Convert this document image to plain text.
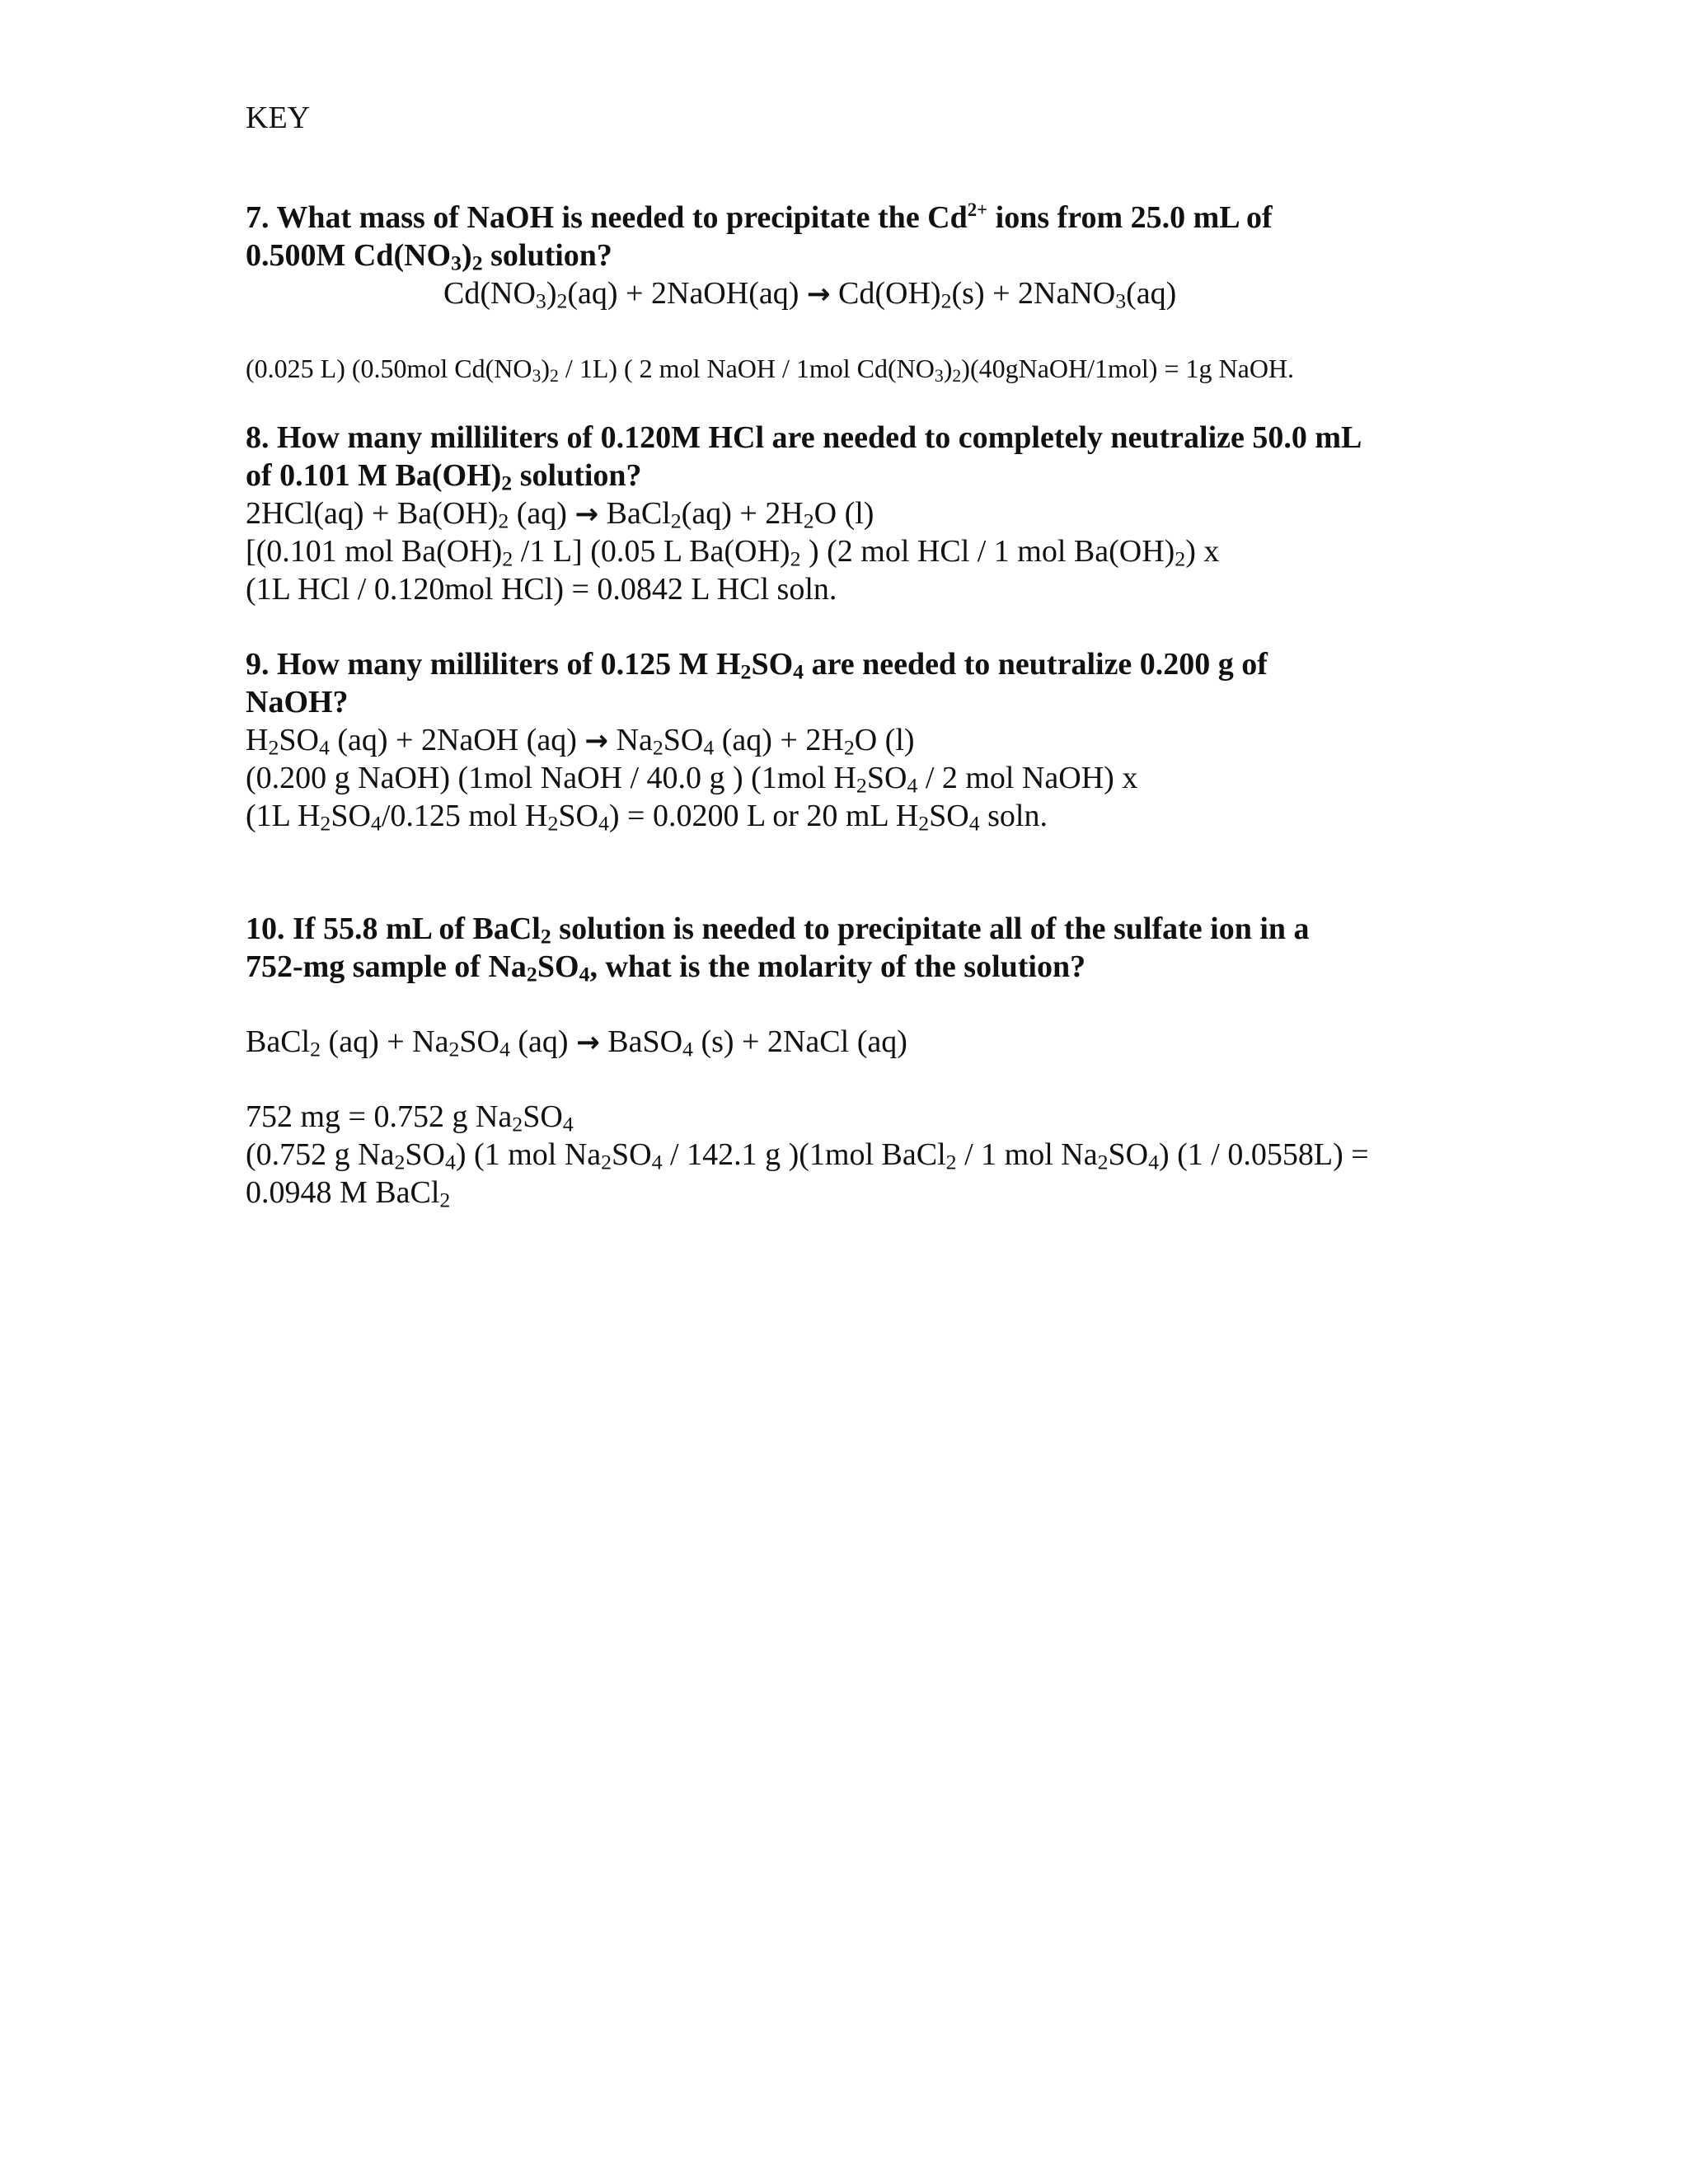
KEY
7. What mass of NaOH is needed to precipitate the $Cd^{2+}$ ions from 25.0 mL of
0.500M $Cd(NO_3)_2$ solution?
$Cd(NO_3)_2(aq)$ + 2NaOH(aq) → $Cd(OH)_2(s)$ + 2NaNO$_3$(aq)
(0.025 L) (0.50mol $Cd(NO_3)_2 / 1L$) ( 2 mol NaOH / 1mol $Cd(NO_3)_2)(40gNaOH/1mol) = 1g$ NaOH.
8. How many milliliters of 0.120M HCl are needed to completely neutralize 50.0 mL
of 0.101 M $Ba(OH)_2$ solution?
$2HCl(aq) + Ba(OH)_2$ (aq) → BaCl$_2$(aq) + $2H_2O$ (l)
[(0.101 mol $Ba(OH)_2$ /1 L] (0.05 L $Ba(OH)_2$ ) (2 mol HCl / 1 mol $Ba(OH)_2$) x
(1L HCl / 0.120mol HCl) = 0.0842 L HCl soln.
9. How many milliliters of 0.125 M $H_2SO_4$ are needed to neutralize 0.200 g of
NaOH?
$H_2SO_4$ (aq) + 2NaOH $(aq) \to Na_2SO_4$ $(aq) + 2H_2O$ (l)
(0.200 g NaOH) (1mol NaOH / 40.0 g ) (1mol $H_2SO_4 / 2$ mol NaOH) x
(1L $H_2SO_4/0.125$ mol $H_2SO_4) = 0.0200$ L or 20 mL $H_2SO_4$ soln.
10. If 55.8 mL of BaCl$_2$ solution is needed to precipitate all of the sulfate ion in a
752-mg sample of $Na_2SO_4$, what is the molarity of the solution?
BaCl$_2$ $(aq) + Na_2SO_4$ (aq) → BaSO$_4$ (s) + 2NaCl (aq)
752 mg = 0.752 g $Na_2SO_4$
(0.752 g $Na_2SO_4$) (1 mol $Na_2SO_4 / 142.1$ g )(1mol BaCl$_2$ / 1 mol $Na_2SO_4$) (1 / 0.0558L) =
0.0948 M BaCl$_2$
